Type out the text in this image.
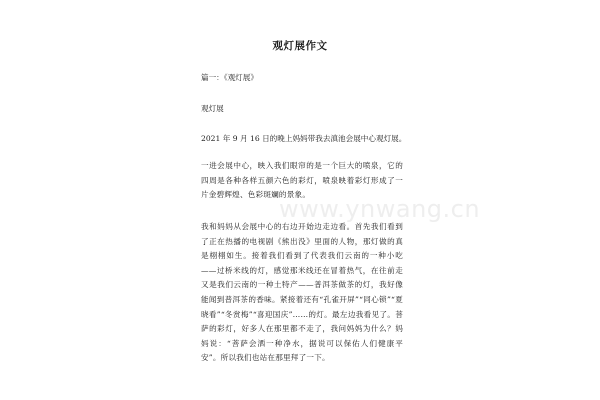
观灯展作文
篇一：《观灯展》
观灯展
2021 年 9 月 16 日的晚上妈妈带我去滇池会展中心观灯展。

一进会展中心，映入我们眼帘的是一个巨大的喷泉，它的四周是各种各样五颜六色的彩灯，喷泉映着彩灯形成了一片金碧辉煌、色彩斑斓的景象。

我和妈妈从会展中心的右边开始边走边看。首先我们看到了正在热播的电视剧《熊出没》里面的人物，那灯做的真是栩栩如生。接着我们看到了代表我们云南的一种小吃——过桥米线的灯，感觉那米线还在冒着热气，在往前走又是我们云南的一种土特产——普洱茶做茶的灯，我好像能闻到普洱茶的香味。紧接着还有“孔雀开屏”“同心锁”“夏晓看”“冬赏梅”“喜迎国庆”……的灯。最左边我看见了。菩萨的彩灯，好多人在那里都不走了，我问妈妈为什么？妈妈说：“菩萨会洒一种净水，据说可以保佑人们健康平安”。所以我们也站在那里拜了一下。

www.ynwang.cn
